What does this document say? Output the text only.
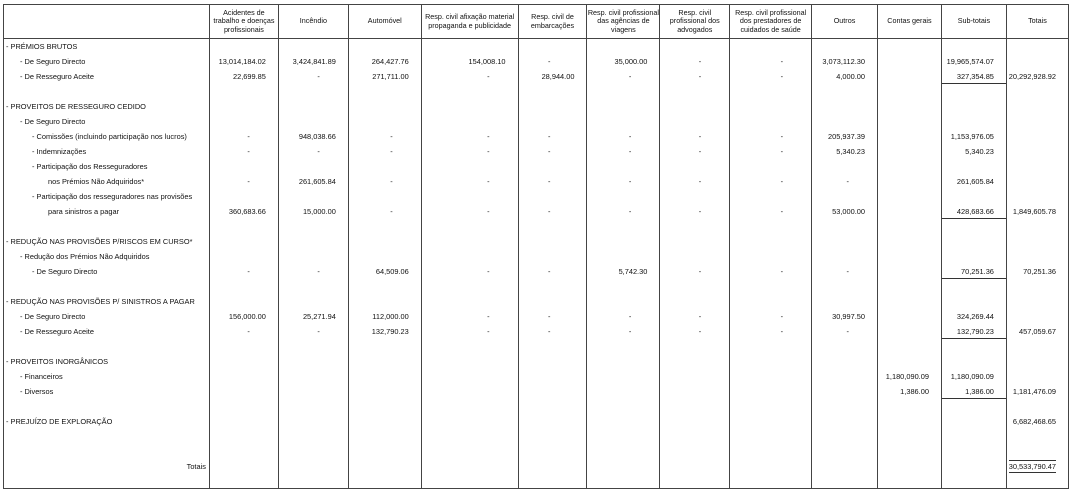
	Acidentes de trabalho e doenças profissionais	Incêndio	Automóvel	Resp. civil afixação material propaganda e publicidade	Resp. civil de embarcações	Resp. civil profissional das agências de viagens	Resp. civil profissional dos advogados	Resp. civil profissional dos prestadores de cuidados de saúde	Outros	Contas gerais	Sub-totais	Totais
- PRÉMIOS BRUTOS												
- De Seguro Directo	13,014,184.02	3,424,841.89	264,427.76	154,008.10	-	35,000.00	-	-	3,073,112.30		19,965,574.07	
- De Resseguro Aceite	22,699.85	-	271,711.00	-	28,944.00	-	-	-	4,000.00		327,354.85	20,292,928.92

- PROVEITOS DE RESSEGURO CEDIDO												
- De Seguro Directo												
- Comissões (incluindo participação nos lucros)	-	948,038.66	-	-	-	-	-	-	205,937.39		1,153,976.05	
- Indemnizações	-	-	-	-	-	-	-	-	5,340.23		5,340.23	
- Participação dos Resseguradores												
nos Prémios Não Adquiridos*	-	261,605.84	-	-	-	-	-	-	-		261,605.84	
- Participação dos resseguradores nas provisões												
para sinistros a pagar	360,683.66	15,000.00	-	-	-	-	-	-	53,000.00		428,683.66	1,849,605.78

- REDUÇÃO NAS PROVISÕES P/RISCOS EM CURSO*												
- Redução dos Prémios Não Adquiridos												
- De Seguro Directo	-	-	64,509.06	-	-	5,742.30	-	-	-		70,251.36	70,251.36

- REDUÇÃO NAS PROVISÕES P/ SINISTROS A PAGAR												
- De Seguro Directo	156,000.00	25,271.94	112,000.00	-	-	-	-	-	30,997.50		324,269.44	
- De Resseguro Aceite	-	-	132,790.23	-	-	-	-	-	-		132,790.23	457,059.67

- PROVEITOS INORGÂNICOS												
- Financeiros										1,180,090.09	1,180,090.09	
- Diversos										1,386.00	1,386.00	1,181,476.09

- PREJUÍZO DE EXPLORAÇÃO												6,682,468.65

Totais												30,533,790.47
